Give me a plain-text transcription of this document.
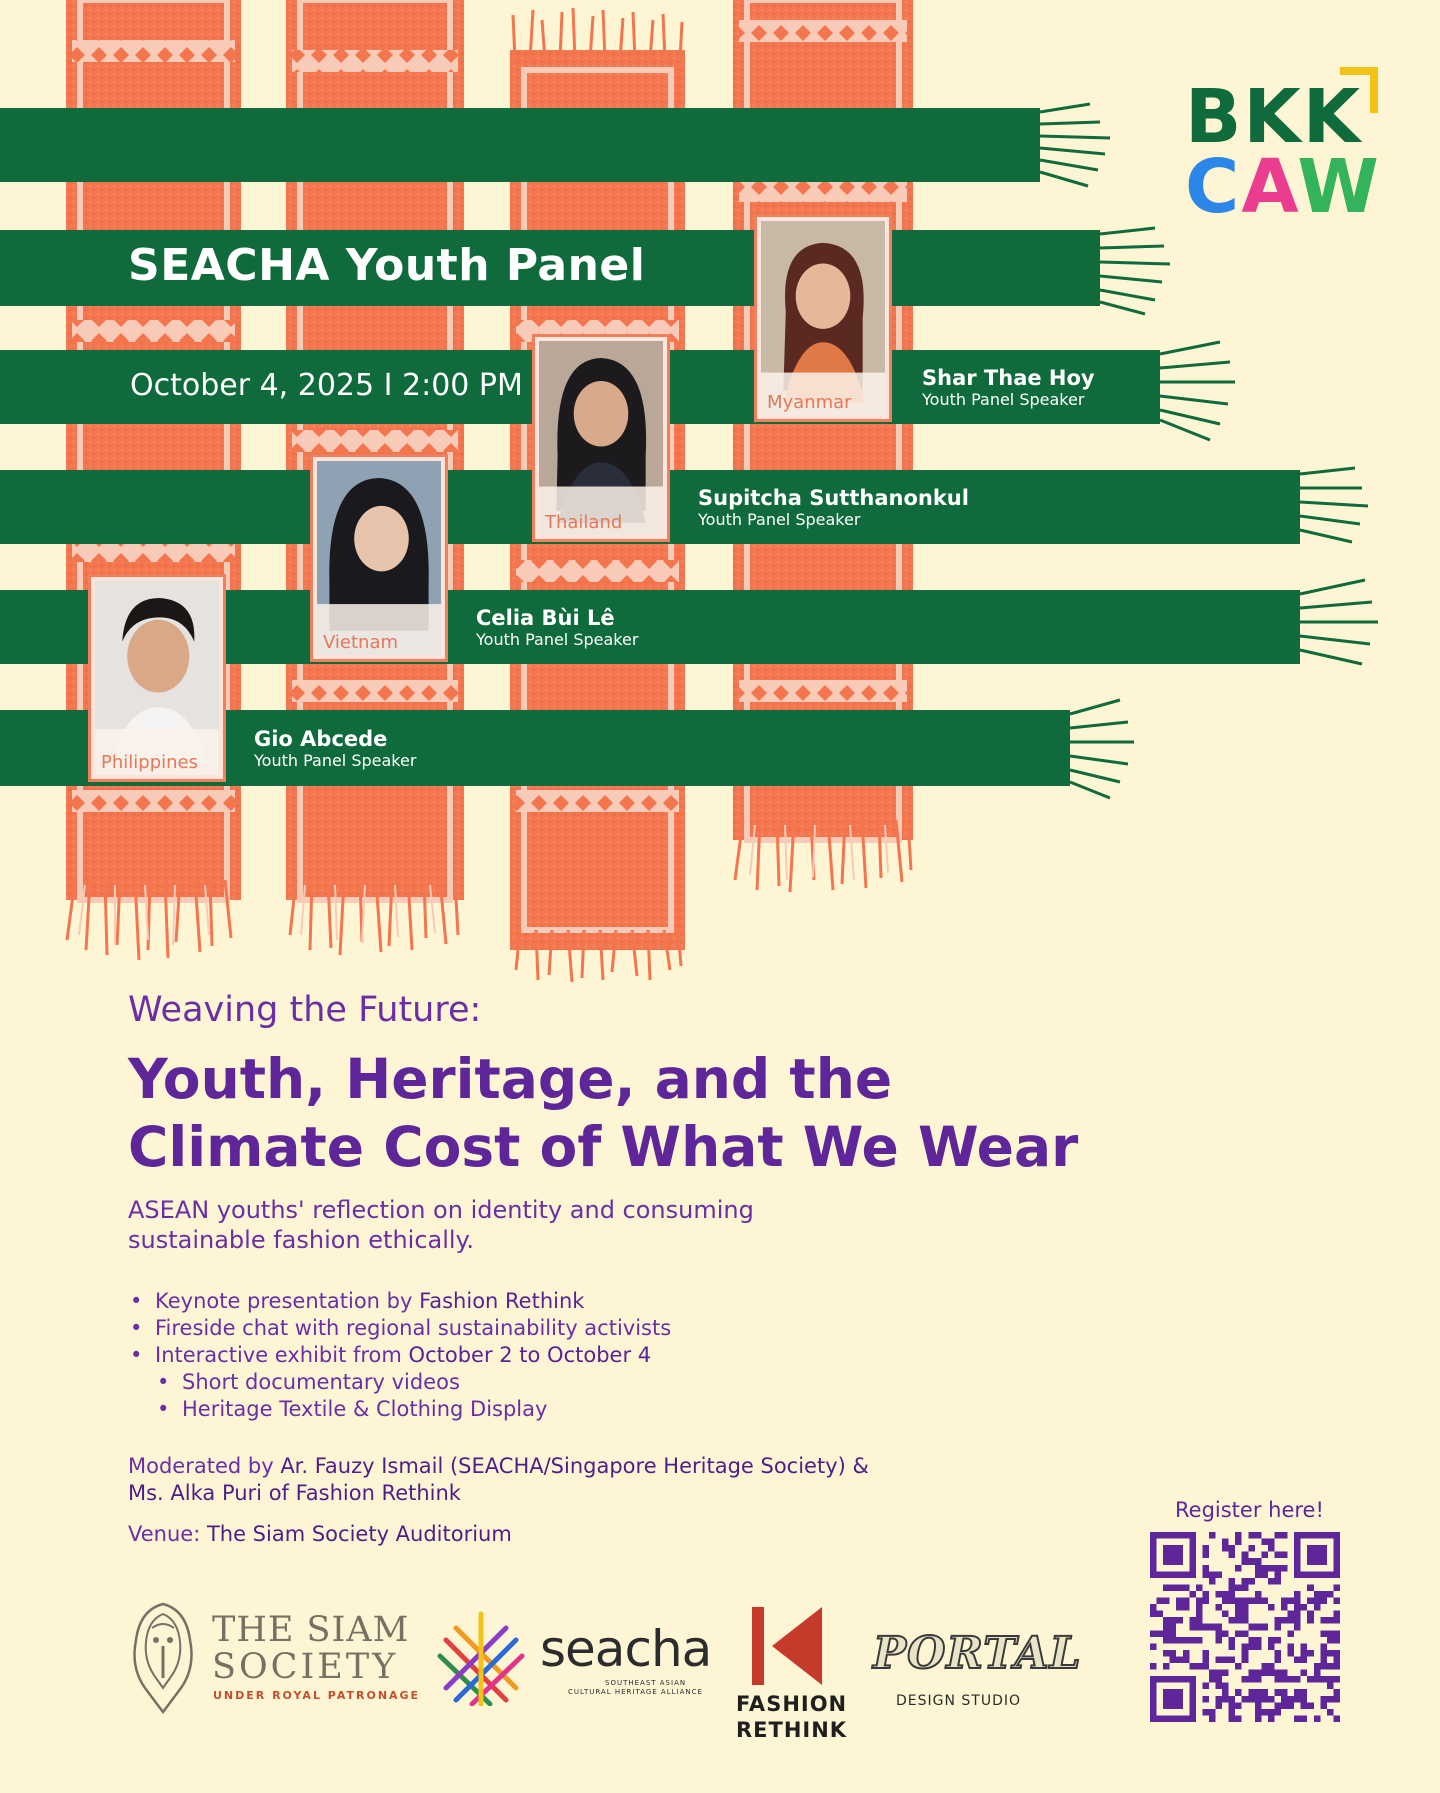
SEACHA Youth Panel
October 4, 2025 I 2:00 PM
BKK
CAW
Myanmar
Shar Thae Hoy
Youth Panel Speaker
Thailand
Supitcha Sutthanonkul
Youth Panel Speaker
Vietnam
Celia Bùi Lê
Youth Panel Speaker
Philippines
Gio Abcede
Youth Panel Speaker
Weaving the Future:
Youth, Heritage, and the
Climate Cost of What We Wear
ASEAN youths' reflection on identity and consuming
sustainable fashion ethically.
• Keynote presentation by Fashion Rethink
• Fireside chat with regional sustainability activists
• Interactive exhibit from October 2 to October 4
• Short documentary videos
• Heritage Textile & Clothing Display
Moderated by Ar. Fauzy Ismail (SEACHA/Singapore Heritage Society) &
Ms. Alka Puri of Fashion Rethink
Venue: The Siam Society Auditorium
Register here!
THE SIAM
SOCIETY
UNDER ROYAL PATRONAGE
seacha
SOUTHEAST ASIAN
CULTURAL HERITAGE ALLIANCE FASHION
RETHINK
PORTAL
DESIGN STUDIO
